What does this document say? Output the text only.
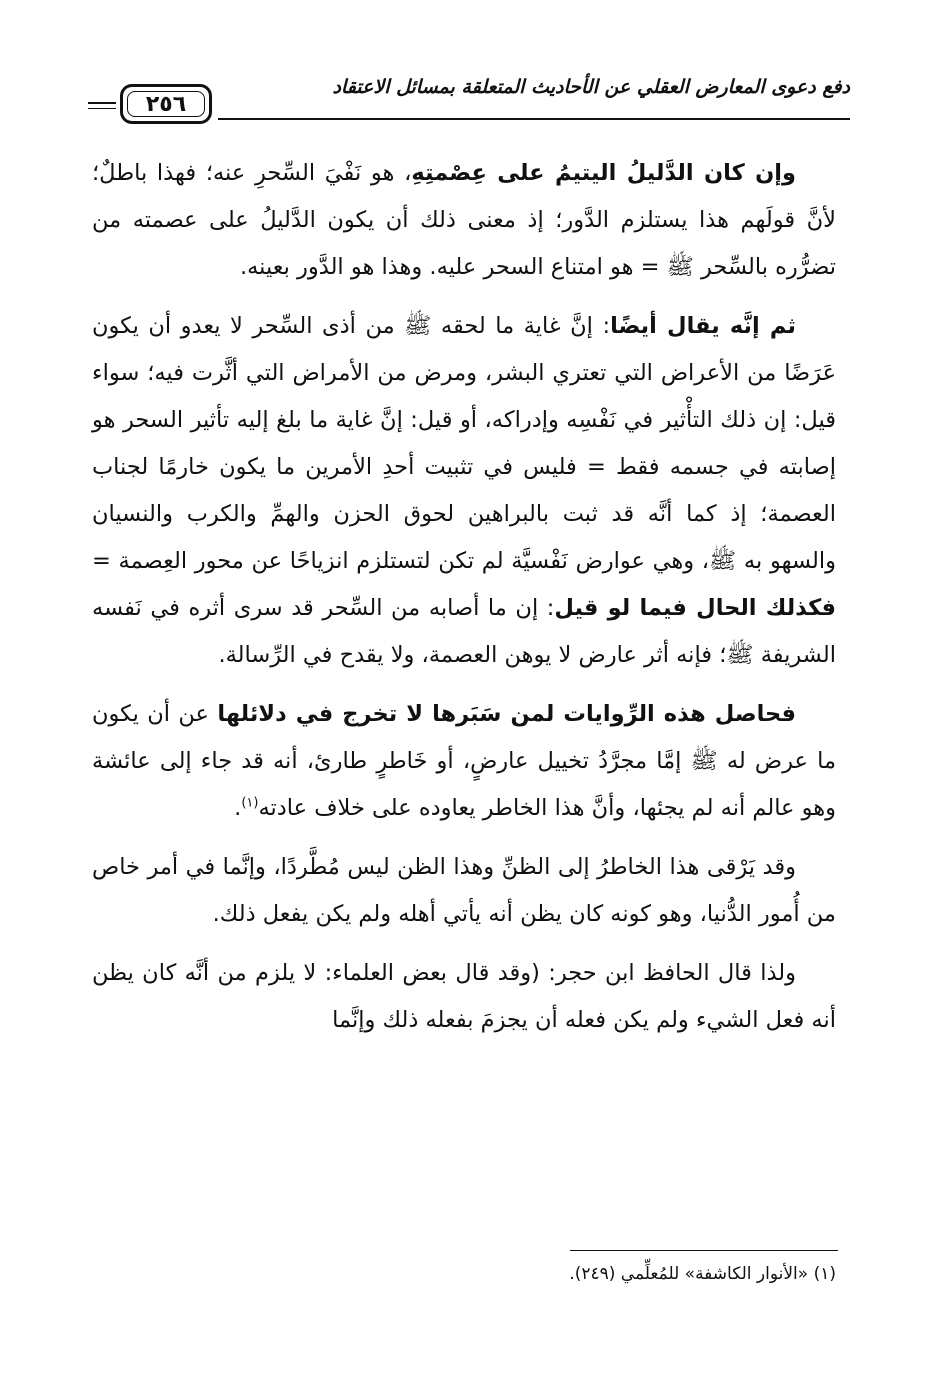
٢٥٦
دفع دعوى المعارض العقلي عن الأحاديث المتعلقة بمسائل الاعتقاد

وإن كان الدَّليلُ اليتيمُ على عِصْمتِهِ، هو نَفْيَ السِّحرِ عنه؛ فهذا باطلٌ؛ لأنَّ قولَهم هذا يستلزم الدَّور؛ إذ معنى ذلك أن يكون الدَّليلُ على عصمته من تضرُّره بالسِّحر ﷺ = هو امتناع السحر عليه. وهذا هو الدَّور بعينه.

ثم إنَّه يقال أيضًا: إنَّ غاية ما لحقه ﷺ من أذى السِّحر لا يعدو أن يكون عَرَضًا من الأعراض التي تعتري البشر، ومرض من الأمراض التي أثَّرت فيه؛ سواء قيل: إن ذلك التأْثير في نَفْسِه وإدراكه، أو قيل: إنَّ غاية ما بلغ إليه تأثير السحر هو إصابته في جسمه فقط = فليس في تثبيت أحدِ الأمرين ما يكون خارمًا لجناب العصمة؛ إذ كما أنَّه قد ثبت بالبراهين لحوق الحزن والهمِّ والكرب والنسيان والسهو به ﷺ، وهي عوارض نَفْسيَّة لم تكن لتستلزم انزياحًا عن محور العِصمة = فكذلك الحال فيما لو قيل: إن ما أصابه من السِّحر قد سرى أثره في نَفسه الشريفة ﷺ؛ فإنه أثر عارض لا يوهن العصمة، ولا يقدح في الرِّسالة.

فحاصل هذه الرِّوايات لمن سَبَرها لا تخرج في دلائلها عن أن يكون ما عرض له ﷺ إمَّا مجرَّدُ تخييل عارضٍ، أو خَاطرٍ طارئ، أنه قد جاء إلى عائشة وهو عالم أنه لم يجئها، وأنَّ هذا الخاطر يعاوده على خلاف عادته$^{(١)}$.

وقد يَرْقى هذا الخاطرُ إلى الظنِّ وهذا الظن ليس مُطَّردًا، وإنَّما في أمر خاص من أُمور الدُّنيا، وهو كونه كان يظن أنه يأتي أهله ولم يكن يفعل ذلك.

ولذا قال الحافظ ابن حجر: (وقد قال بعض العلماء: لا يلزم من أنَّه كان يظن أنه فعل الشيء ولم يكن فعله أن يجزمَ بفعله ذلك وإنَّما

(١) «الأنوار الكاشفة» للمُعلِّمي (٢٤٩).
